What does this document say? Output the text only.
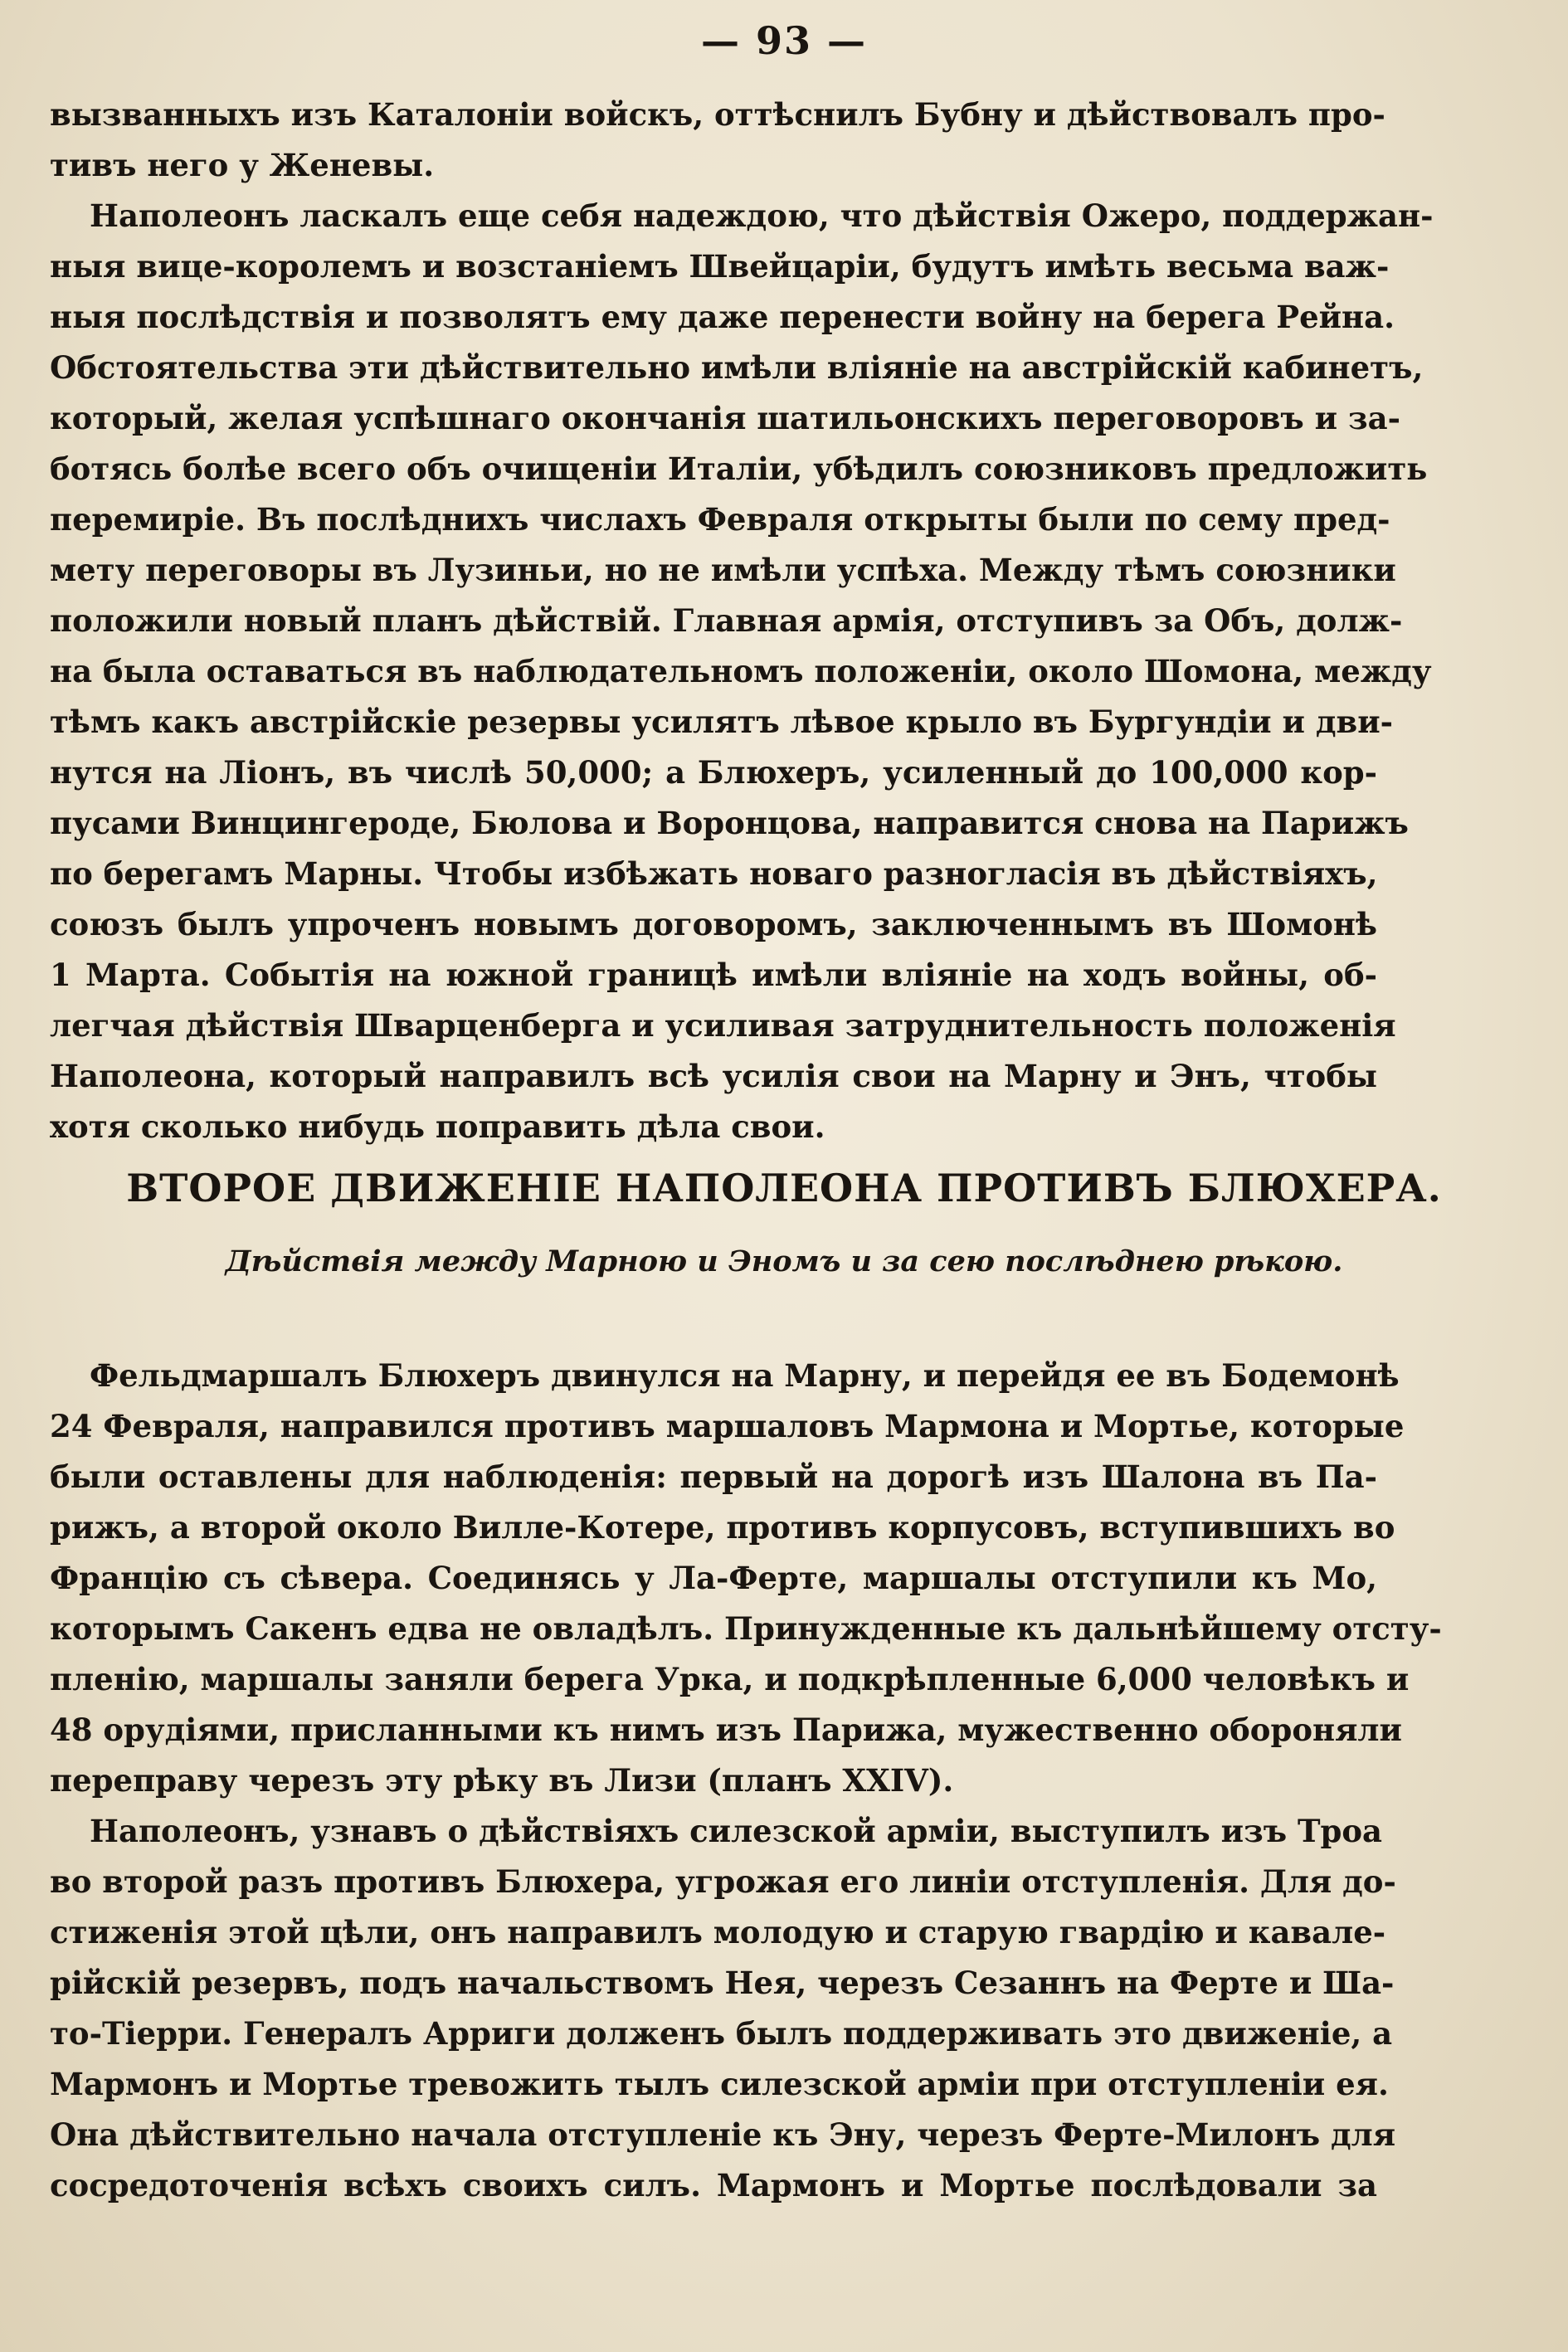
— 93 —
вызванныхъ изъ Каталоніи войскъ, оттѣснилъ Бубну и дѣйствовалъ про-
тивъ него у Женевы.
Наполеонъ ласкалъ еще себя надеждою, что дѣйствія Ожеро, поддержан-
ныя вице-королемъ и возстаніемъ Швейцаріи, будутъ имѣть весьма важ-
ныя послѣдствія и позволятъ ему даже перенести войну на берега Рейна.
Обстоятельства эти дѣйствительно имѣли вліяніе на австрійскій кабинетъ,
который, желая успѣшнаго окончанія шатильонскихъ переговоровъ и за-
ботясь болѣе всего объ очищеніи Италіи, убѣдилъ союзниковъ предложить
перемиріе. Въ послѣднихъ числахъ Февраля открыты были по сему пред-
мету переговоры въ Лузиньи, но не имѣли успѣха. Между тѣмъ союзники
положили новый планъ дѣйствій. Главная армія, отступивъ за Объ, долж-
на была оставаться въ наблюдательномъ положеніи, около Шомона, между
тѣмъ какъ австрійскіе резервы усилятъ лѣвое крыло въ Бургундіи и дви-
нутся на Ліонъ, въ числѣ 50,000; а Блюхеръ, усиленный до 100,000 кор-
пусами Винцингероде, Бюлова и Воронцова, направится снова на Парижъ
по берегамъ Марны. Чтобы избѣжать новаго разногласія въ дѣйствіяхъ,
союзъ былъ упроченъ новымъ договоромъ, заключеннымъ въ Шомонѣ
1 Марта. Событія на южной границѣ имѣли вліяніе на ходъ войны, об-
легчая дѣйствія Шварценберга и усиливая затруднительность положенія
Наполеона, который направилъ всѣ усилія свои на Марну и Энъ, чтобы
хотя сколько нибудь поправить дѣла свои.
ВТОРОЕ ДВИЖЕНІЕ НАПОЛЕОНА ПРОТИВЪ БЛЮХЕРА.
Дѣйствія между Марною и Эномъ и за сею послѣднею рѣкою.
Фельдмаршалъ Блюхеръ двинулся на Марну, и перейдя ее въ Бодемонѣ
24 Февраля, направился противъ маршаловъ Мармона и Мортье, которые
были оставлены для наблюденія: первый на дорогѣ изъ Шалона въ Па-
рижъ, а второй около Вилле-Котере, противъ корпусовъ, вступившихъ во
Францію съ сѣвера. Соединясь у Ла-Ферте, маршалы отступили къ Мо,
которымъ Сакенъ едва не овладѣлъ. Принужденные къ дальнѣйшему отсту-
пленію, маршалы заняли берега Урка, и подкрѣпленные 6,000 человѣкъ и
48 орудіями, присланными къ нимъ изъ Парижа, мужественно обороняли
переправу черезъ эту рѣку въ Лизи (планъ XXIV).
Наполеонъ, узнавъ о дѣйствіяхъ силезской арміи, выступилъ изъ Троа
во второй разъ противъ Блюхера, угрожая его линіи отступленія. Для до-
стиженія этой цѣли, онъ направилъ молодую и старую гвардію и кавале-
рійскій резервъ, подъ начальствомъ Нея, черезъ Сезаннъ на Ферте и Ша-
то-Тіерри. Генералъ Арриги долженъ былъ поддерживать это движеніе, а
Мармонъ и Мортье тревожить тылъ силезской арміи при отступленіи ея.
Она дѣйствительно начала отступленіе къ Эну, черезъ Ферте-Милонъ для
сосредоточенія всѣхъ своихъ силъ. Мармонъ и Мортье послѣдовали за
